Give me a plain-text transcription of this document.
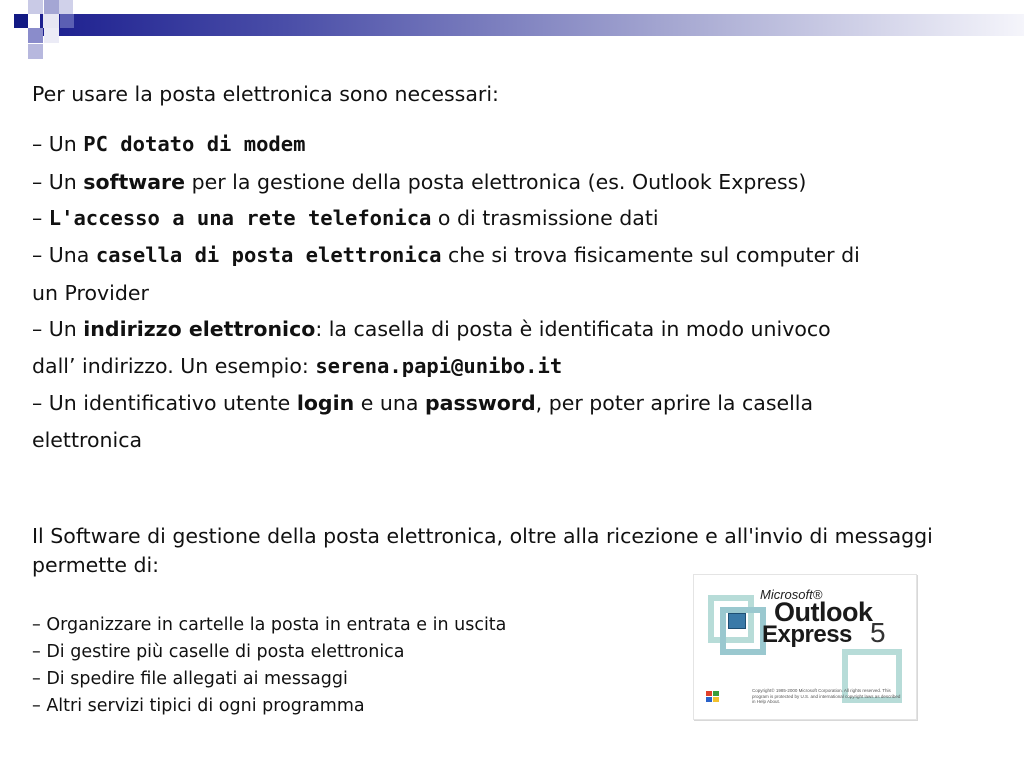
Per usare la posta elettronica sono necessari:
– Un PC dotato di modem
– Un software per la gestione della posta elettronica (es. Outlook Express)
– L'accesso a una rete telefonica o di trasmissione dati
– Una casella di posta elettronica che si trova fisicamente sul computer di
un Provider
– Un indirizzo elettronico: la casella di posta è identificata in modo univoco
dall’ indirizzo. Un esempio: serena.papi@unibo.it
– Un identificativo utente login e una password, per poter aprire la casella
elettronica
Il Software di gestione della posta elettronica, oltre alla ricezione e all'invio di messaggi permette di:
– Organizzare in cartelle la posta in entrata e in uscita
– Di gestire più caselle di posta elettronica
– Di spedire file allegati ai messaggi
– Altri servizi tipici di ogni programma
Microsoft®
Outlook
Express 5
Copyright© 1985-2000 Microsoft Corporation. All rights reserved. This program is protected by U.S. and international copyright laws as described in Help About.
